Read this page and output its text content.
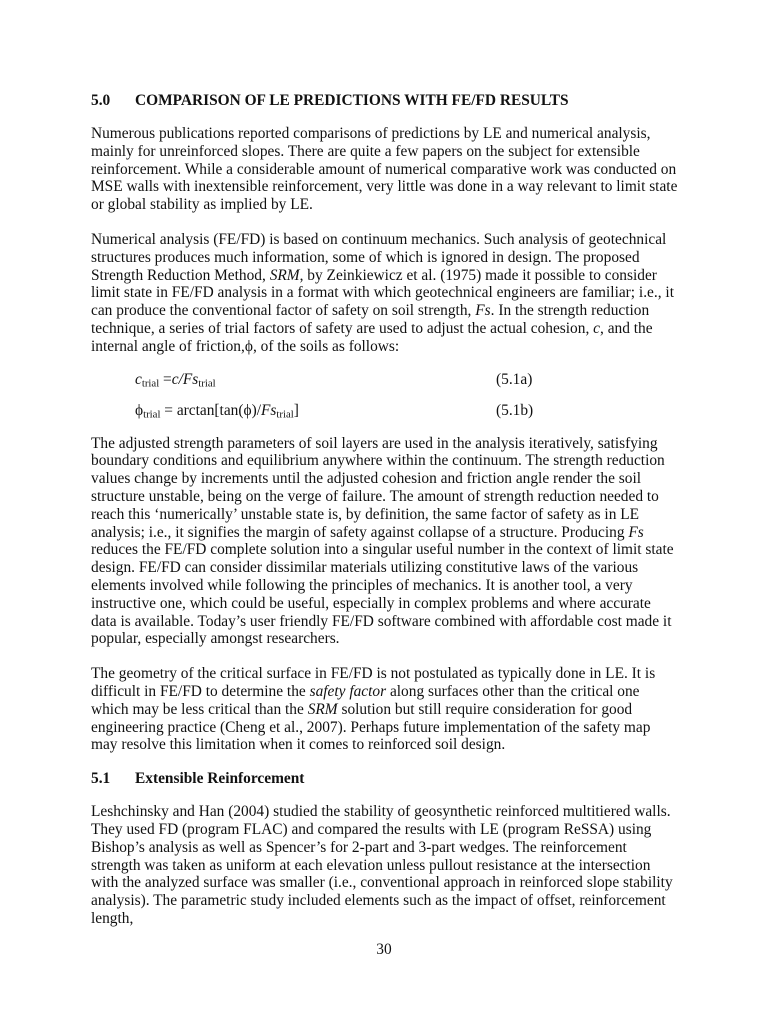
5.0	COMPARISON OF LE PREDICTIONS WITH FE/FD RESULTS

Numerous publications reported comparisons of predictions by LE and numerical analysis, mainly for unreinforced slopes. There are quite a few papers on the subject for extensible reinforcement. While a considerable amount of numerical comparative work was conducted on MSE walls with inextensible reinforcement, very little was done in a way relevant to limit state or global stability as implied by LE.

Numerical analysis (FE/FD) is based on continuum mechanics. Such analysis of geotechnical structures produces much information, some of which is ignored in design. The proposed Strength Reduction Method, SRM, by Zeinkiewicz et al. (1975) made it possible to consider limit state in FE/FD analysis in a format with which geotechnical engineers are familiar; i.e., it can produce the conventional factor of safety on soil strength, Fs. In the strength reduction technique, a series of trial factors of safety are used to adjust the actual cohesion, c, and the internal angle of friction,ϕ, of the soils as follows:

$c_{trial} =c/Fs_{trial}$	(5.1a)
$\phi_{trial} = \arctan[\tan(\phi)/Fs_{trial}]$	(5.1b)

The adjusted strength parameters of soil layers are used in the analysis iteratively, satisfying boundary conditions and equilibrium anywhere within the continuum. The strength reduction values change by increments until the adjusted cohesion and friction angle render the soil structure unstable, being on the verge of failure. The amount of strength reduction needed to reach this ‘numerically’ unstable state is, by definition, the same factor of safety as in LE analysis; i.e., it signifies the margin of safety against collapse of a structure. Producing Fs reduces the FE/FD complete solution into a singular useful number in the context of limit state design. FE/FD can consider dissimilar materials utilizing constitutive laws of the various elements involved while following the principles of mechanics. It is another tool, a very instructive one, which could be useful, especially in complex problems and where accurate data is available. Today’s user friendly FE/FD software combined with affordable cost made it popular, especially amongst researchers.

The geometry of the critical surface in FE/FD is not postulated as typically done in LE. It is difficult in FE/FD to determine the safety factor along surfaces other than the critical one which may be less critical than the SRM solution but still require consideration for good engineering practice (Cheng et al., 2007). Perhaps future implementation of the safety map may resolve this limitation when it comes to reinforced soil design.

5.1	Extensible Reinforcement

Leshchinsky and Han (2004) studied the stability of geosynthetic reinforced multitiered walls. They used FD (program FLAC) and compared the results with LE (program ReSSA) using Bishop’s analysis as well as Spencer’s for 2-part and 3-part wedges. The reinforcement strength was taken as uniform at each elevation unless pullout resistance at the intersection with the analyzed surface was smaller (i.e., conventional approach in reinforced slope stability analysis). The parametric study included elements such as the impact of offset, reinforcement length,

30
